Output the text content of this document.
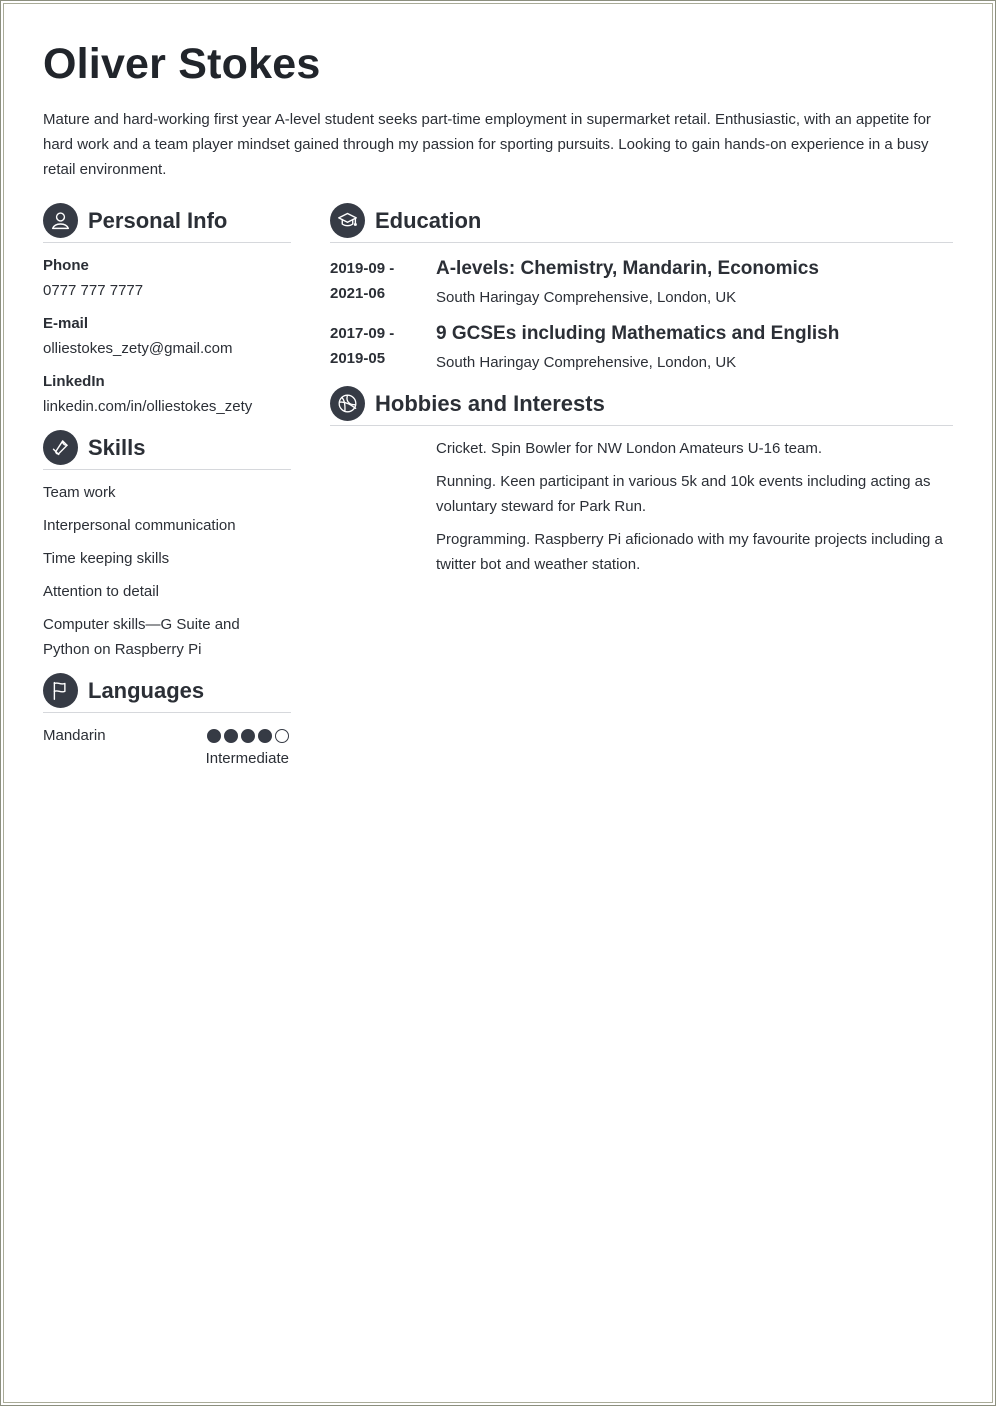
Oliver Stokes

Mature and hard-working first year A-level student seeks part-time employment in supermarket retail. Enthusiastic, with an appetite for hard work and a team player mindset gained through my passion for sporting pursuits. Looking to gain hands-on experience in a busy retail environment.

Personal Info
Phone
0777 777 7777
E-mail
olliestokes_zety@gmail.com
LinkedIn
linkedin.com/in/olliestokes_zety
Skills
Team work
Interpersonal communication
Time keeping skills
Attention to detail
Computer skills—G Suite and Python on Raspberry Pi
Languages
Mandarin
Intermediate
Education
2019-09 -
2021-06
A-levels: Chemistry, Mandarin, Economics
South Haringay Comprehensive, London, UK
2017-09 -
2019-05
9 GCSEs including Mathematics and English
South Haringay Comprehensive, London, UK
Hobbies and Interests
Cricket. Spin Bowler for NW London Amateurs U-16 team.
Running. Keen participant in various 5k and 10k events including acting as voluntary steward for Park Run.
Programming. Raspberry Pi aficionado with my favourite projects including a twitter bot and weather station.
